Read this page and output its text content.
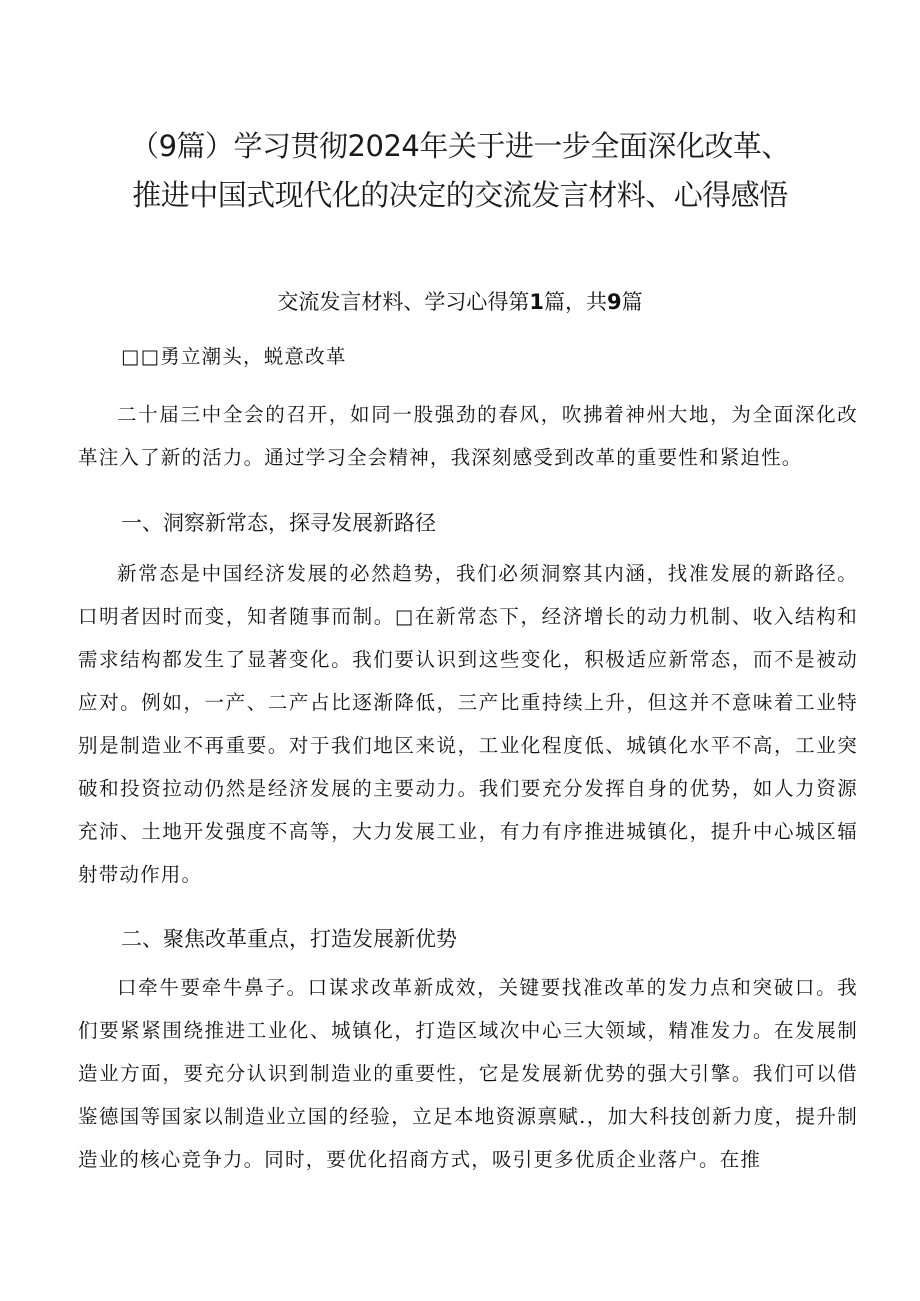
（9篇）学习贯彻2024年关于进一步全面深化改革、
推进中国式现代化的决定的交流发言材料、心得感悟
交流发言材料、学习心得第1篇，共9篇

□□勇立潮头，蜕意改革

二十届三中全会的召开，如同一股强劲的春风，吹拂着神州大地，为全面深化改革注入了新的活力。通过学习全会精神，我深刻感受到改革的重要性和紧迫性。

一、洞察新常态，探寻发展新路径

新常态是中国经济发展的必然趋势，我们必须洞察其内涵，找准发展的新路径。口明者因时而变，知者随事而制。□在新常态下，经济增长的动力机制、收入结构和需求结构都发生了显著变化。我们要认识到这些变化，积极适应新常态，而不是被动应对。例如，一产、二产占比逐渐降低，三产比重持续上升，但这并不意味着工业特别是制造业不再重要。对于我们地区来说，工业化程度低、城镇化水平不高，工业突破和投资拉动仍然是经济发展的主要动力。我们要充分发挥自身的优势，如人力资源充沛、土地开发强度不高等，大力发展工业，有力有序推进城镇化，提升中心城区辐射带动作用。

二、聚焦改革重点，打造发展新优势

口牵牛要牵牛鼻子。口谋求改革新成效，关键要找准改革的发力点和突破口。我们要紧紧围绕推进工业化、城镇化，打造区域次中心三大领域，精准发力。在发展制造业方面，要充分认识到制造业的重要性，它是发展新优势的强大引擎。我们可以借鉴德国等国家以制造业立国的经验，立足本地资源禀赋.，加大科技创新力度，提升制造业的核心竞争力。同时，要优化招商方式，吸引更多优质企业落户。在推
